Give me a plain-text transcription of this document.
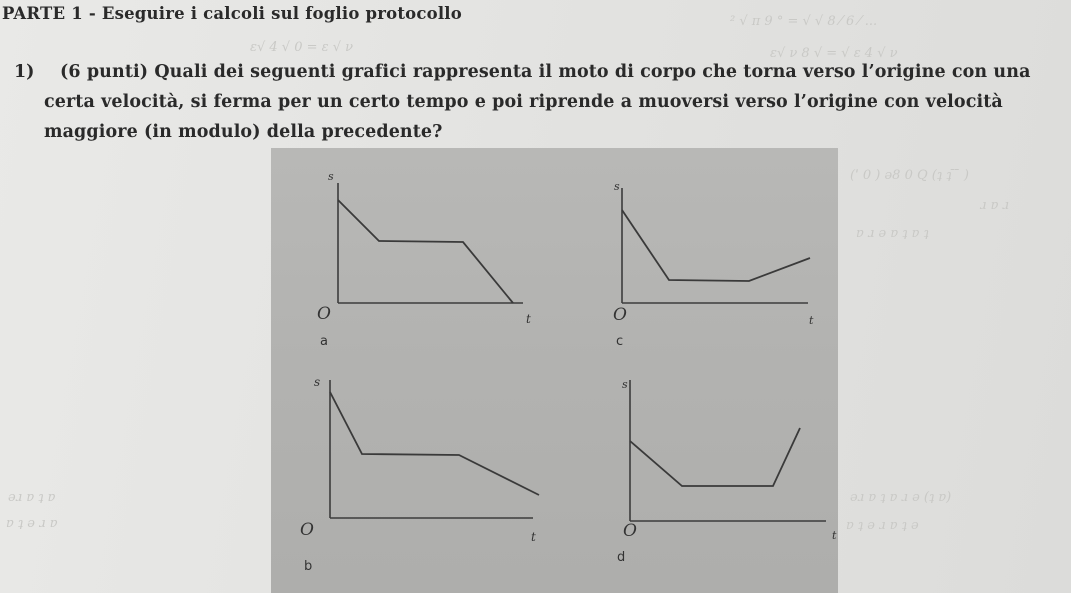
² √ π 9 ° = √ √ 8 ⁄ 6 ⁄ ...
ε√ 4 √ 0 = ε √ ν	ε√ ν 8 √ = √ ε 4 √ ν
(ˈ 0 ) ǝ8 0 Q (ʇ ʇ ̄ ̄ )
ɹ ɐ ɹ
ɐ ɹ ǝ ɐ ʇ ɐ ʇ
ǝɹ ɐ ʇ ɐ
ɐ ʇ ǝ ɹ ɐ
ǝɹ ɐ ʇ ɐ ɹ ǝ (ʇ ɐ)
ɐ ʇ ǝ ɹ ɐ ʇ ǝ
PARTE 1 - Eseguire i calcoli sul foglio protocollo
1) (6 punti) Quali dei seguenti grafici rappresenta il moto di corpo che torna verso l’origine con una
certa velocità, si ferma per un certo tempo e poi riprende a muoversi verso l’origine con velocità
maggiore (in modulo) della precedente?
s
O	t
a
s
O	t
c
s
O	t
b
s
O	t
d
